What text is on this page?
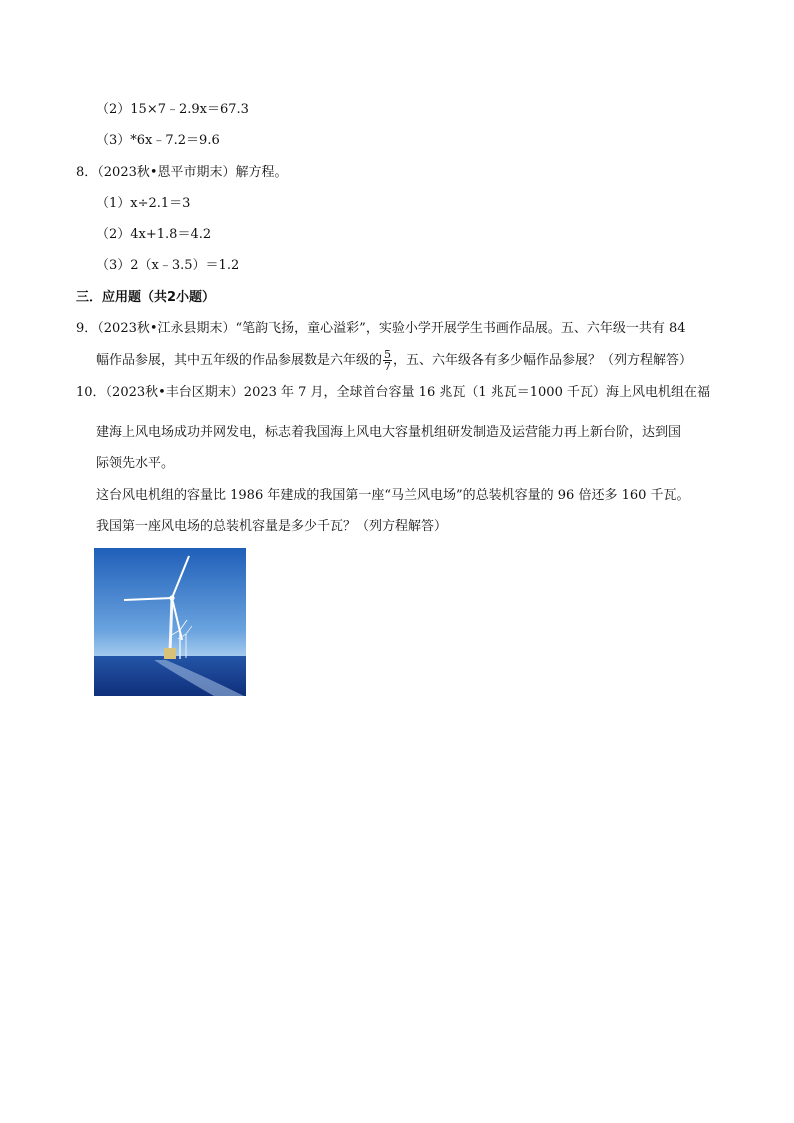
（2）15×7﹣2.9x＝67.3
（3）*6x﹣7.2＝9.6
8．（2023秋•恩平市期末）解方程。
（1）x÷2.1＝3
（2）4x+1.8＝4.2
（3）2（x﹣3.5）＝1.2
三．应用题（共2小题）
9．（2023秋•江永县期末）“笔韵飞扬，童心溢彩”，实验小学开展学生书画作品展。五、六年级一共有 84
幅作品参展，其中五年级的作品参展数是六年级的 $\frac{5}{7}$ ，五、六年级各有多少幅作品参展？（列方程解答）
10．（2023秋•丰台区期末）2023 年 7 月，全球首台容量 16 兆瓦（1 兆瓦＝1000 千瓦）海上风电机组在福
建海上风电场成功并网发电，标志着我国海上风电大容量机组研发制造及运营能力再上新台阶，达到国
际领先水平。
这台风电机组的容量比 1986 年建成的我国第一座“马兰风电场”的总装机容量的 96 倍还多 160 千瓦。
我国第一座风电场的总装机容量是多少千瓦？（列方程解答）
